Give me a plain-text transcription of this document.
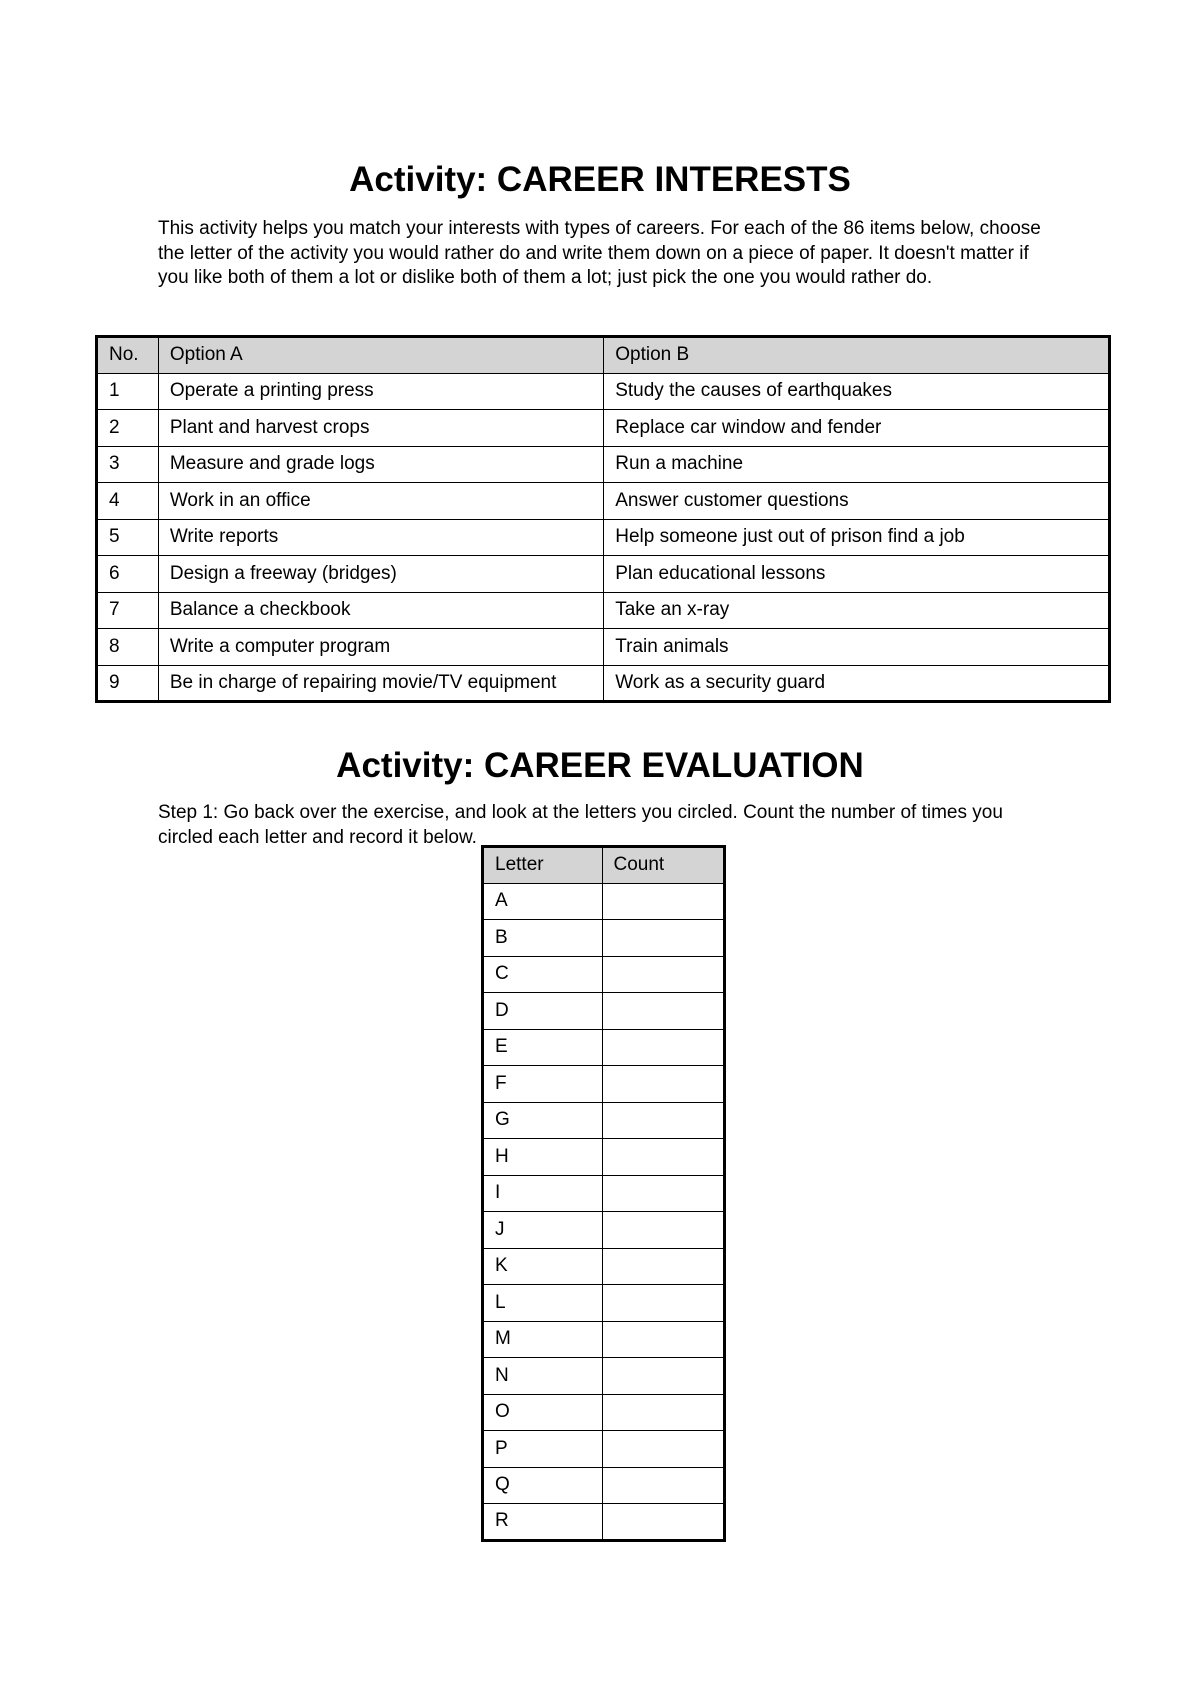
Activity: CAREER INTERESTS

This activity helps you match your interests with types of careers. For each of the 86 items below, choose the letter of the activity you would rather do and write them down on a piece of paper. It doesn't matter if you like both of them a lot or dislike both of them a lot; just pick the one you would rather do.

No.	Option A	Option B
1	Operate a printing press	Study the causes of earthquakes
2	Plant and harvest crops	Replace car window and fender
3	Measure and grade logs	Run a machine
4	Work in an office	Answer customer questions
5	Write reports	Help someone just out of prison find a job
6	Design a freeway (bridges)	Plan educational lessons
7	Balance a checkbook	Take an x-ray
8	Write a computer program	Train animals
9	Be in charge of repairing movie/TV equipment	Work as a security guard
Activity: CAREER EVALUATION

Step 1: Go back over the exercise, and look at the letters you circled. Count the number of times you circled each letter and record it below.

Letter	Count
A	
B	
C	
D	
E	
F	
G	
H	
I	
J	
K	
L	
M	
N	
O	
P	
Q	
R	
